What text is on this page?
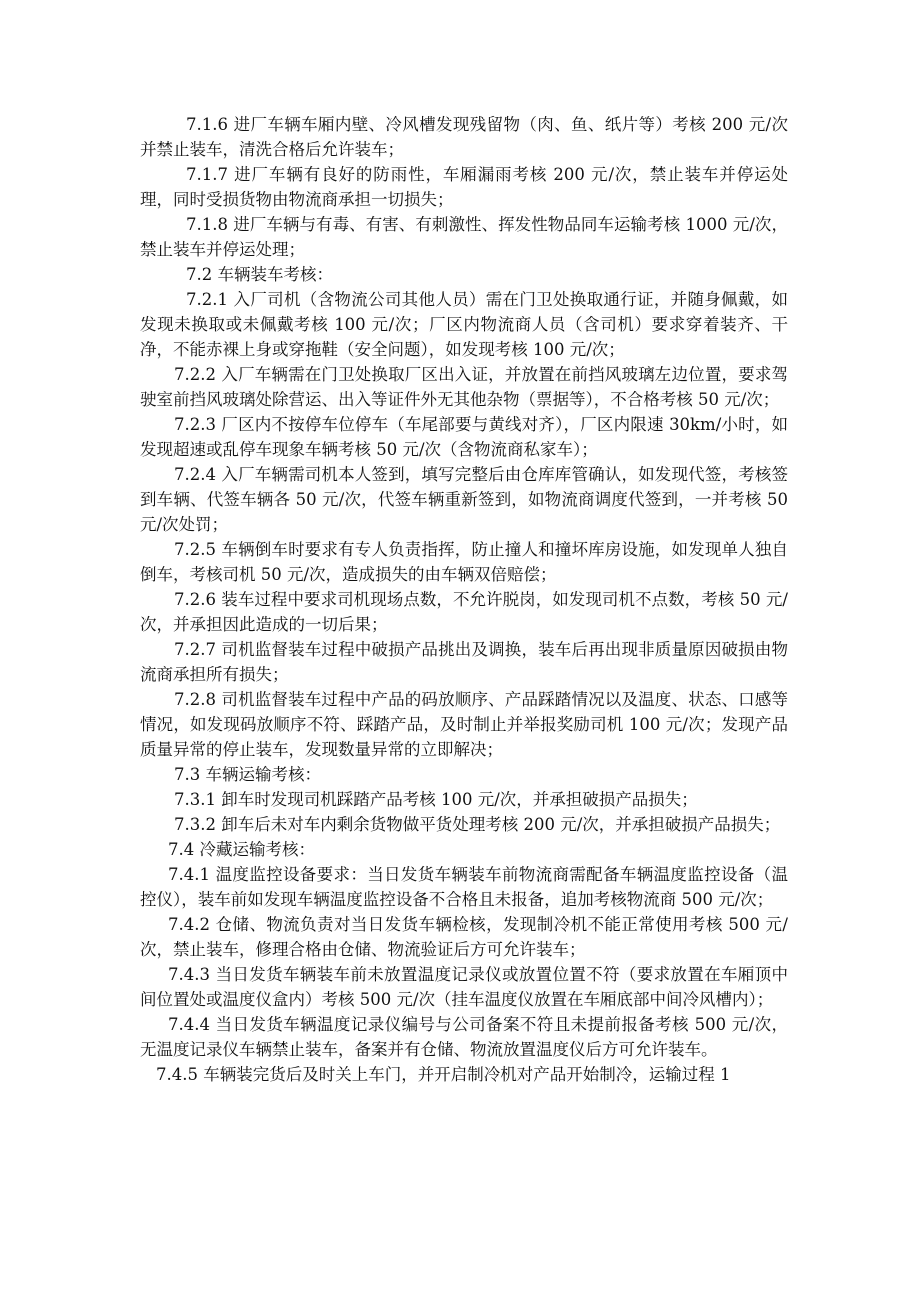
7.1.6 进厂车辆车厢内壁、冷风槽发现残留物（肉、鱼、纸片等）考核 200 元/次并禁止装车，清洗合格后允许装车；

7.1.7 进厂车辆有良好的防雨性，车厢漏雨考核 200 元/次，禁止装车并停运处理，同时受损货物由物流商承担一切损失；

7.1.8 进厂车辆与有毒、有害、有刺激性、挥发性物品同车运输考核 1000 元/次，禁止装车并停运处理；

7.2 车辆装车考核：

7.2.1 入厂司机（含物流公司其他人员）需在门卫处换取通行证，并随身佩戴，如发现未换取或未佩戴考核 100 元/次；厂区内物流商人员（含司机）要求穿着装齐、干净，不能赤裸上身或穿拖鞋（安全问题），如发现考核 100 元/次；

7.2.2 入厂车辆需在门卫处换取厂区出入证，并放置在前挡风玻璃左边位置，要求驾驶室前挡风玻璃处除营运、出入等证件外无其他杂物（票据等），不合格考核 50 元/次；

7.2.3 厂区内不按停车位停车（车尾部要与黄线对齐），厂区内限速 30km/小时，如发现超速或乱停车现象车辆考核 50 元/次（含物流商私家车）；

7.2.4 入厂车辆需司机本人签到，填写完整后由仓库库管确认，如发现代签，考核签到车辆、代签车辆各 50 元/次，代签车辆重新签到，如物流商调度代签到，一并考核 50 元/次处罚；

7.2.5 车辆倒车时要求有专人负责指挥，防止撞人和撞坏库房设施，如发现单人独自倒车，考核司机 50 元/次，造成损失的由车辆双倍赔偿；

7.2.6 装车过程中要求司机现场点数，不允许脱岗，如发现司机不点数，考核 50 元/次，并承担因此造成的一切后果；

7.2.7 司机监督装车过程中破损产品挑出及调换，装车后再出现非质量原因破损由物流商承担所有损失；

7.2.8 司机监督装车过程中产品的码放顺序、产品踩踏情况以及温度、状态、口感等情况，如发现码放顺序不符、踩踏产品，及时制止并举报奖励司机 100 元/次；发现产品质量异常的停止装车，发现数量异常的立即解决；

7.3 车辆运输考核：

7.3.1 卸车时发现司机踩踏产品考核 100 元/次，并承担破损产品损失；

7.3.2 卸车后未对车内剩余货物做平货处理考核 200 元/次，并承担破损产品损失；

7.4 冷藏运输考核：

7.4.1 温度监控设备要求：当日发货车辆装车前物流商需配备车辆温度监控设备（温控仪），装车前如发现车辆温度监控设备不合格且未报备，追加考核物流商 500 元/次；

7.4.2 仓储、物流负责对当日发货车辆检核，发现制冷机不能正常使用考核 500 元/次，禁止装车，修理合格由仓储、物流验证后方可允许装车；

7.4.3 当日发货车辆装车前未放置温度记录仪或放置位置不符（要求放置在车厢顶中间位置处或温度仪盒内）考核 500 元/次（挂车温度仪放置在车厢底部中间冷风槽内）；

7.4.4 当日发货车辆温度记录仪编号与公司备案不符且未提前报备考核 500 元/次，无温度记录仪车辆禁止装车，备案并有仓储、物流放置温度仪后方可允许装车。

7.4.5 车辆装完货后及时关上车门，并开启制冷机对产品开始制冷，运输过程 1
